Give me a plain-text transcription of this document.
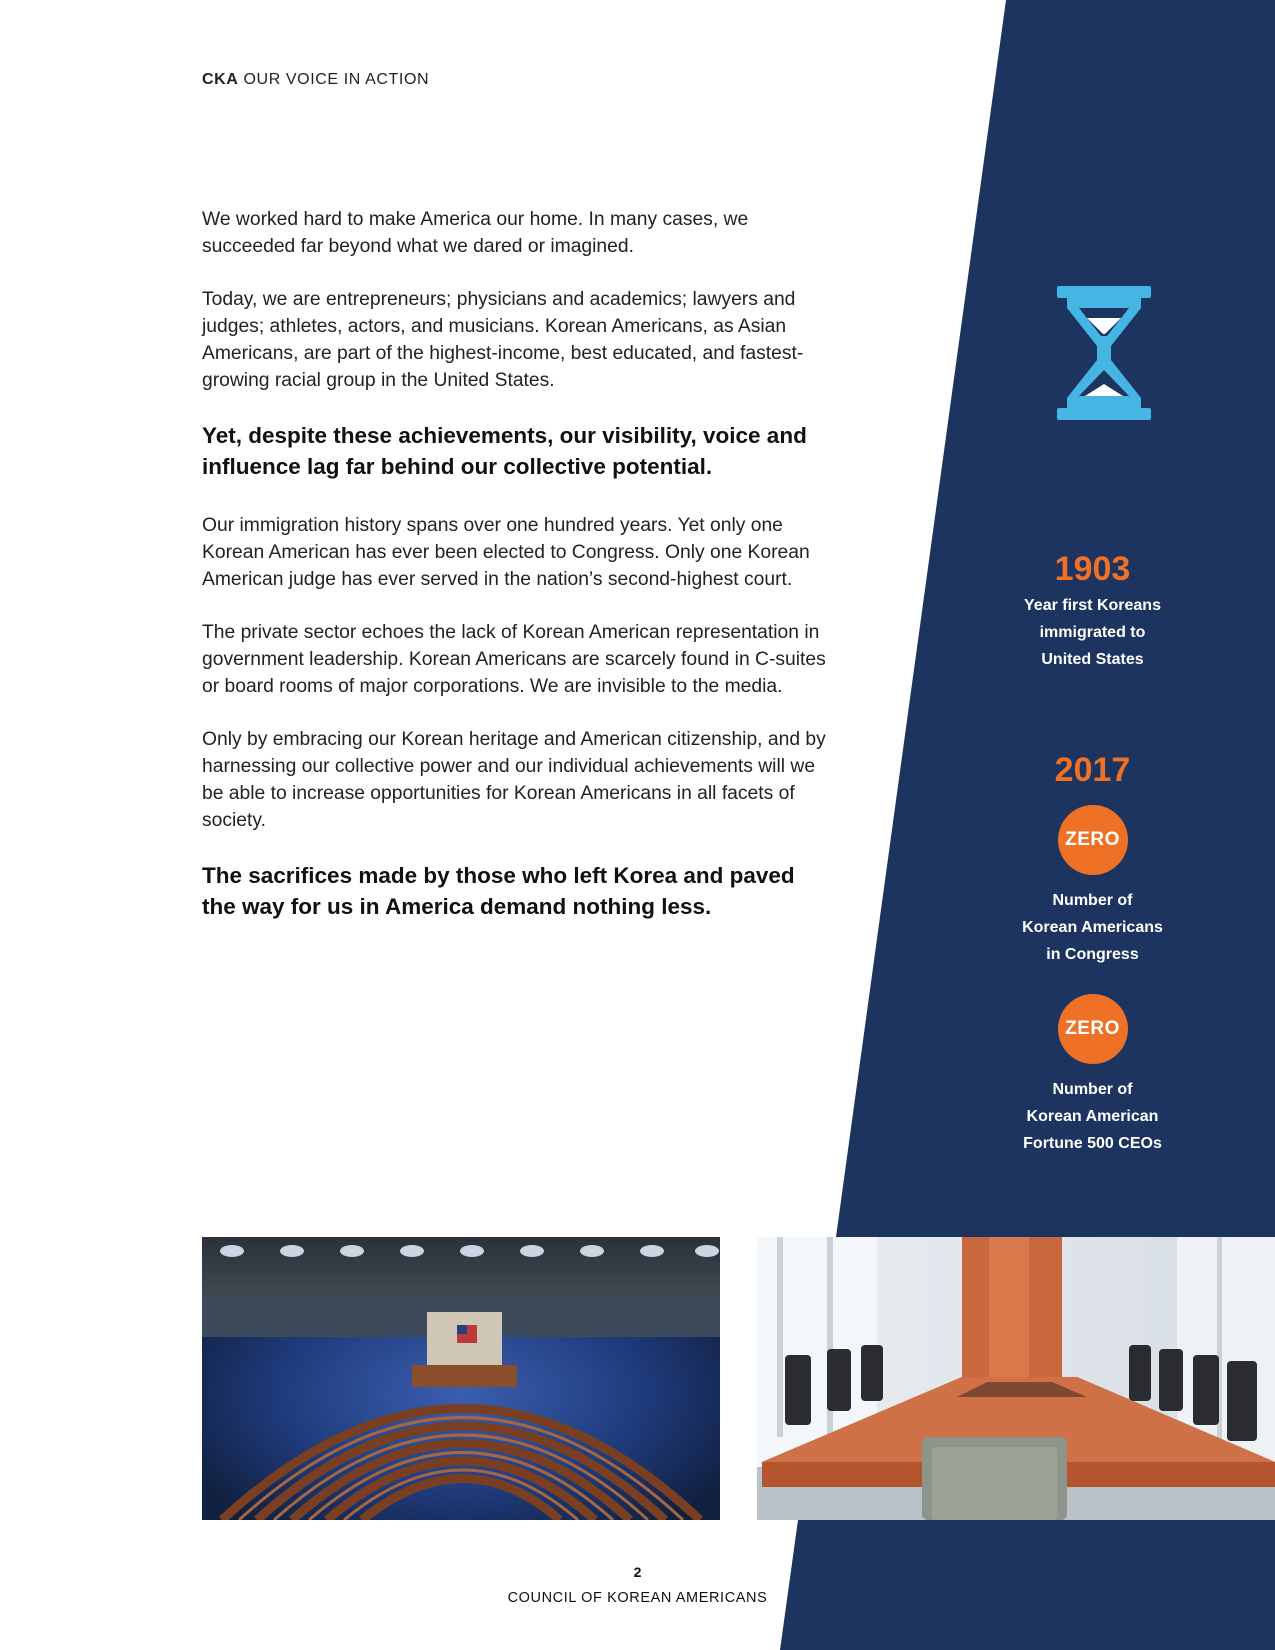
CKA OUR VOICE IN ACTION

We worked hard to make America our home. In many cases, we succeeded far beyond what we dared or imagined.

Today, we are entrepreneurs; physicians and academics; lawyers and judges; athletes, actors, and musicians. Korean Americans, as Asian Americans, are part of the highest-income, best educated, and fastest-growing racial group in the United States.

Yet, despite these achievements, our visibility, voice and influence lag far behind our collective potential.

Our immigration history spans over one hundred years. Yet only one Korean American has ever been elected to Congress. Only one Korean American judge has ever served in the nation’s second-highest court.

The private sector echoes the lack of Korean American representation in government leadership. Korean Americans are scarcely found in C-suites or board rooms of major corporations. We are invisible to the media.

Only by embracing our Korean heritage and American citizenship, and by harnessing our collective power and our individual achievements will we be able to increase opportunities for Korean Americans in all facets of society.

The sacrifices made by those who left Korea and paved the way for us in America demand nothing less.

1903
Year first Koreans
immigrated to
United States
2017
ZERO
Number of
Korean Americans
in Congress
ZERO
Number of
Korean American
Fortune 500 CEOs
2
COUNCIL OF KOREAN AMERICANS
